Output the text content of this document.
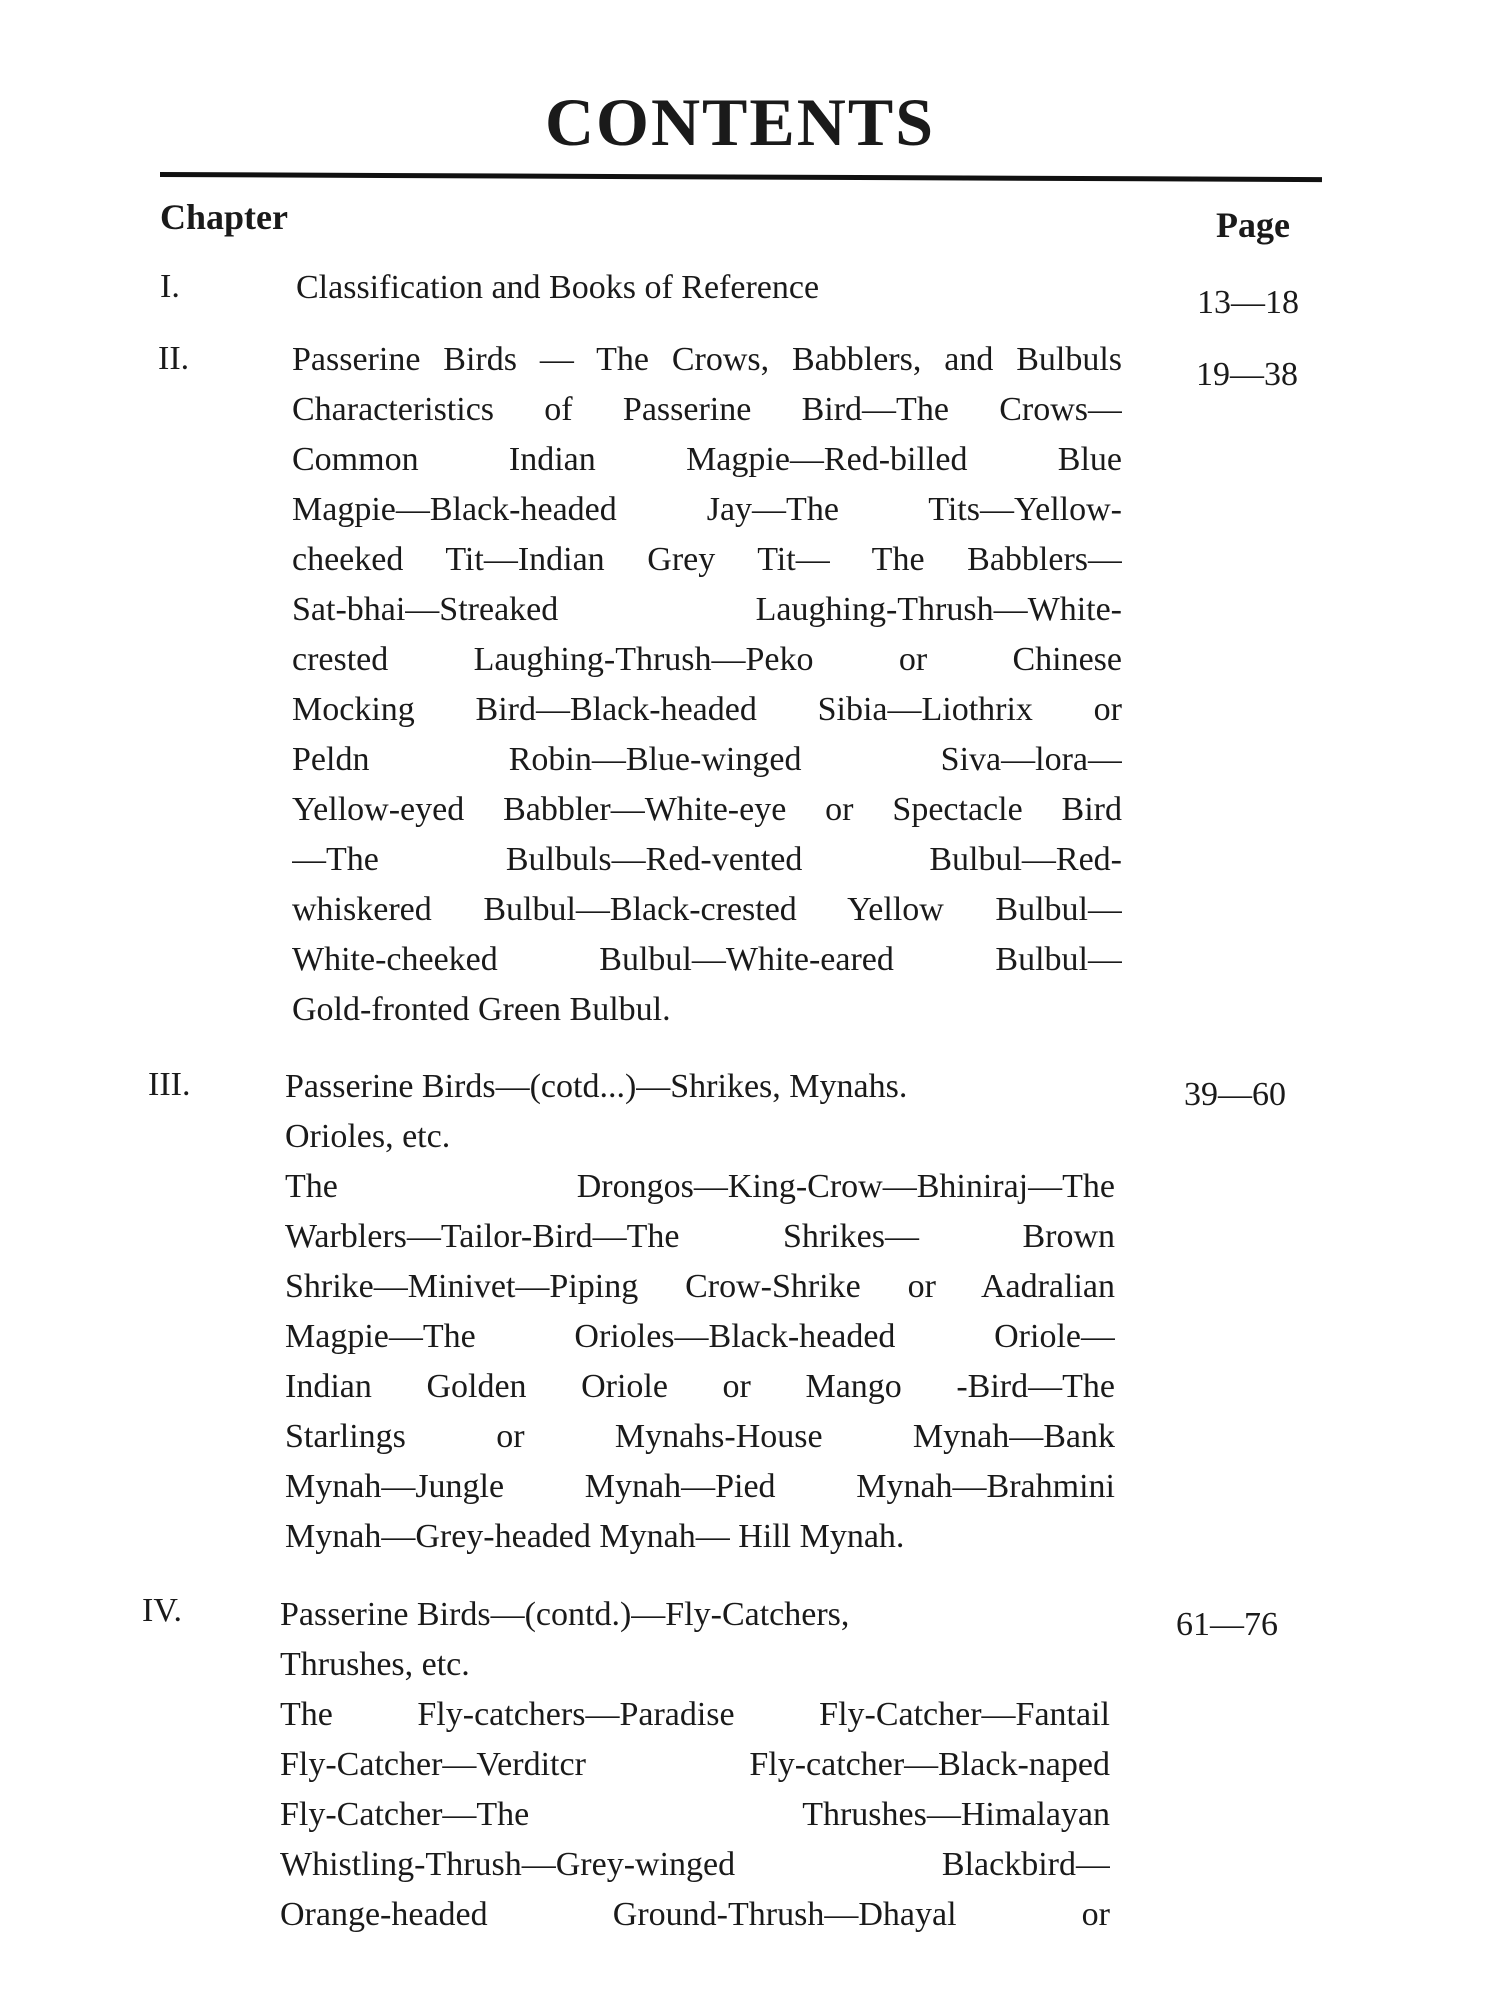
CONTENTS
Chapter	Page
I.	Classification and Books of Reference	13—18
II.	Passerine Birds — The Crows, Babblers, and Bulbuls
Characteristics of Passerine Bird—The Crows—
Common Indian Magpie—Red-billed Blue
Magpie—Black-headed Jay—The Tits—Yellow-
cheeked Tit—Indian Grey Tit— The Babblers—
Sat-bhai—Streaked Laughing-Thrush—White-
crested Laughing-Thrush—Peko or Chinese
Mocking Bird—Black-headed Sibia—Liothrix or
Peldn Robin—Blue-winged Siva—lora—
Yellow-eyed Babbler—White-eye or Spectacle Bird
—The Bulbuls—Red-vented Bulbul—Red-
whiskered Bulbul—Black-crested Yellow Bulbul—
White-cheeked Bulbul—White-eared Bulbul—
Gold-fronted Green Bulbul.
19—38
III.	Passerine Birds—(cotd...)—Shrikes, Mynahs.
Orioles, etc.
The Drongos—King-Crow—Bhiniraj—The
Warblers—Tailor-Bird—The Shrikes— Brown
Shrike—Minivet—Piping Crow-Shrike or Aadralian
Magpie—The Orioles—Black-headed Oriole—
Indian Golden Oriole or Mango -Bird—The
Starlings or Mynahs-House Mynah—Bank
Mynah—Jungle Mynah—Pied Mynah—Brahmini
Mynah—Grey-headed Mynah— Hill Mynah.
39—60
IV.	Passerine Birds—(contd.)—Fly-Catchers,
Thrushes, etc.
The Fly-catchers—Paradise Fly-Catcher—Fantail
Fly-Catcher—Verditcr Fly-catcher—Black-naped
Fly-Catcher—The Thrushes—Himalayan
Whistling-Thrush—Grey-winged Blackbird—
Orange-headed Ground-Thrush—Dhayal or
61—76
